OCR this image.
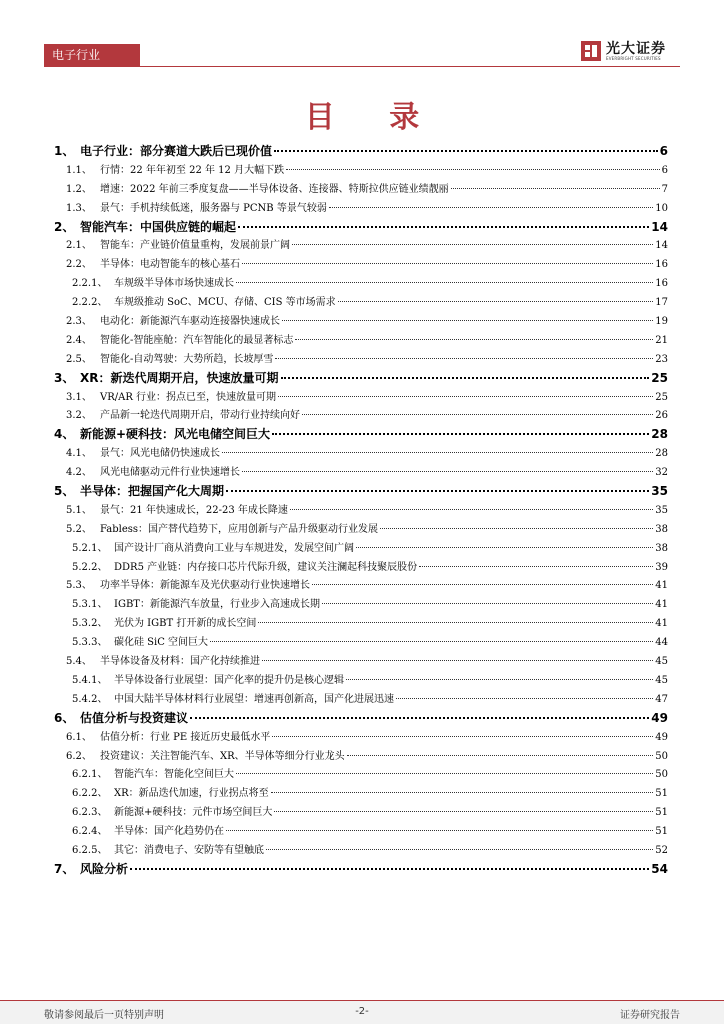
电子行业	光大证券
EVERBRIGHT SECURITIES
目 录
1、 电子行业：部分赛道大跌后已现价值	6
1.1、 行情：22 年年初至 22 年 12 月大幅下跌	6
1.2、 增速：2022 年前三季度复盘——半导体设备、连接器、特斯拉供应链业绩靓丽	7
1.3、 景气：手机持续低迷，服务器与 PCNB 等景气较弱	10
2、 智能汽车：中国供应链的崛起	14
2.1、 智能车：产业链价值量重构，发展前景广阔	14
2.2、 半导体：电动智能车的核心基石	16
2.2.1、 车规级半导体市场快速成长	16
2.2.2、 车规级推动 SoC、MCU、存储、CIS 等市场需求	17
2.3、 电动化：新能源汽车驱动连接器快速成长	19
2.4、 智能化-智能座舱：汽车智能化的最显著标志	21
2.5、 智能化-自动驾驶：大势所趋，长坡厚雪	23
3、 XR：新迭代周期开启，快速放量可期	25
3.1、 VR/AR 行业：拐点已至，快速放量可期	25
3.2、 产品新一轮迭代周期开启，带动行业持续向好	26
4、 新能源+硬科技：风光电储空间巨大	28
4.1、 景气：风光电储仍快速成长	28
4.2、 风光电储驱动元件行业快速增长	32
5、 半导体：把握国产化大周期	35
5.1、 景气：21 年快速成长，22-23 年成长降速	35
5.2、 Fabless：国产替代趋势下，应用创新与产品升级驱动行业发展	38
5.2.1、 国产设计厂商从消费向工业与车规进发，发展空间广阔	38
5.2.2、 DDR5 产业链：内存接口芯片代际升级，建议关注澜起科技聚辰股份	39
5.3、 功率半导体：新能源车及光伏驱动行业快速增长	41
5.3.1、 IGBT：新能源汽车放量，行业步入高速成长期	41
5.3.2、 光伏为 IGBT 打开新的成长空间	41
5.3.3、 碳化硅 SiC 空间巨大	44
5.4、 半导体设备及材料：国产化持续推进	45
5.4.1、 半导体设备行业展望：国产化率的提升仍是核心逻辑	45
5.4.2、 中国大陆半导体材料行业展望：增速再创新高，国产化进展迅速	47
6、 估值分析与投资建议	49
6.1、 估值分析：行业 PE 接近历史最低水平	49
6.2、 投资建议：关注智能汽车、XR、半导体等细分行业龙头	50
6.2.1、 智能汽车：智能化空间巨大	50
6.2.2、 XR：新品迭代加速，行业拐点将至	51
6.2.3、 新能源+硬科技：元件市场空间巨大	51
6.2.4、 半导体：国产化趋势仍在	51
6.2.5、 其它：消费电子、安防等有望触底	52
7、 风险分析	54
敬请参阅最后一页特别声明	-2-	证券研究报告
